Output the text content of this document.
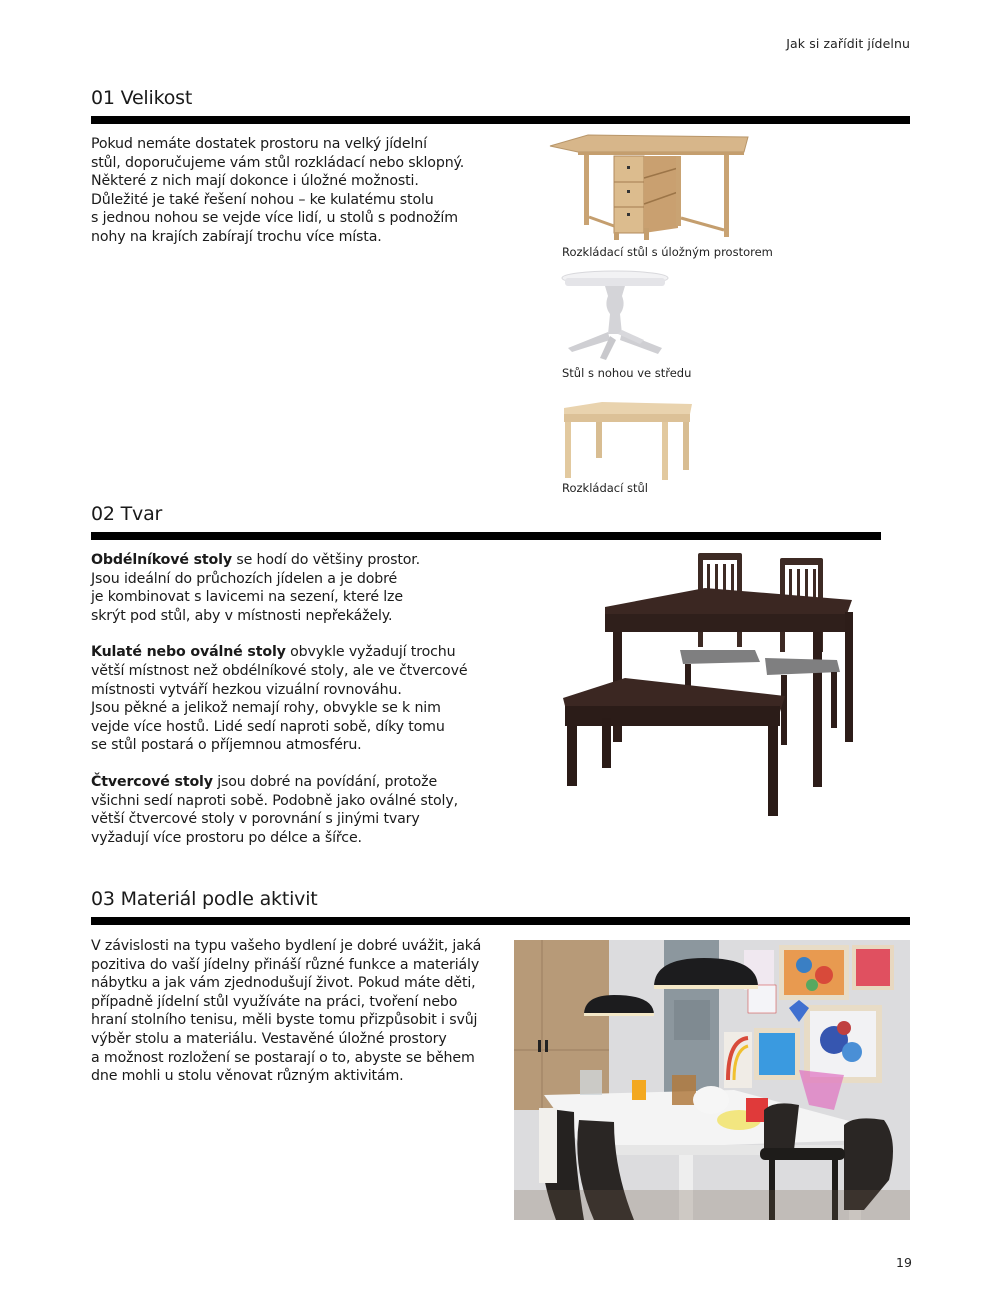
Jak si zařídit jídelnu
01 Velikost
Pokud nemáte dostatek prostoru na velký jídelní
stůl, doporučujeme vám stůl rozkládací nebo sklopný.
Některé z nich mají dokonce i úložné možnosti.
Důležité je také řešení nohou – ke kulatému stolu
s jednou nohou se vejde více lidí, u stolů s podnožím
nohy na krajích zabírají trochu více místa.
Rozkládací stůl s úložným prostorem
Stůl s nohou ve středu
Rozkládací stůl
02 Tvar

Obdélníkové stoly se hodí do většiny prostor.
Jsou ideální do průchozích jídelen a je dobré
je kombinovat s lavicemi na sezení, které lze
skrýt pod stůl, aby v místnosti nepřekážely.

Kulaté nebo oválné stoly obvykle vyžadují trochu
větší místnost než obdélníkové stoly, ale ve čtvercové
místnosti vytváří hezkou vizuální rovnováhu.
Jsou pěkné a jelikož nemají rohy, obvykle se k nim
vejde více hostů. Lidé sedí naproti sobě, díky tomu
se stůl postará o příjemnou atmosféru.

Čtvercové stoly jsou dobré na povídání, protože
všichni sedí naproti sobě. Podobně jako oválné stoly,
větší čtvercové stoly v porovnání s jinými tvary
vyžadují více prostoru po délce a šířce.

03 Materiál podle aktivit
V závislosti na typu vašeho bydlení je dobré uvážit, jaká
pozitiva do vaší jídelny přináší různé funkce a materiály
nábytku a jak vám zjednodušují život. Pokud máte děti,
případně jídelní stůl využíváte na práci, tvoření nebo
hraní stolního tenisu, měli byste tomu přizpůsobit i svůj
výběr stolu a materiálu. Vestavěné úložné prostory
a možnost rozložení se postarají o to, abyste se během
dne mohli u stolu věnovat různým aktivitám.
19
